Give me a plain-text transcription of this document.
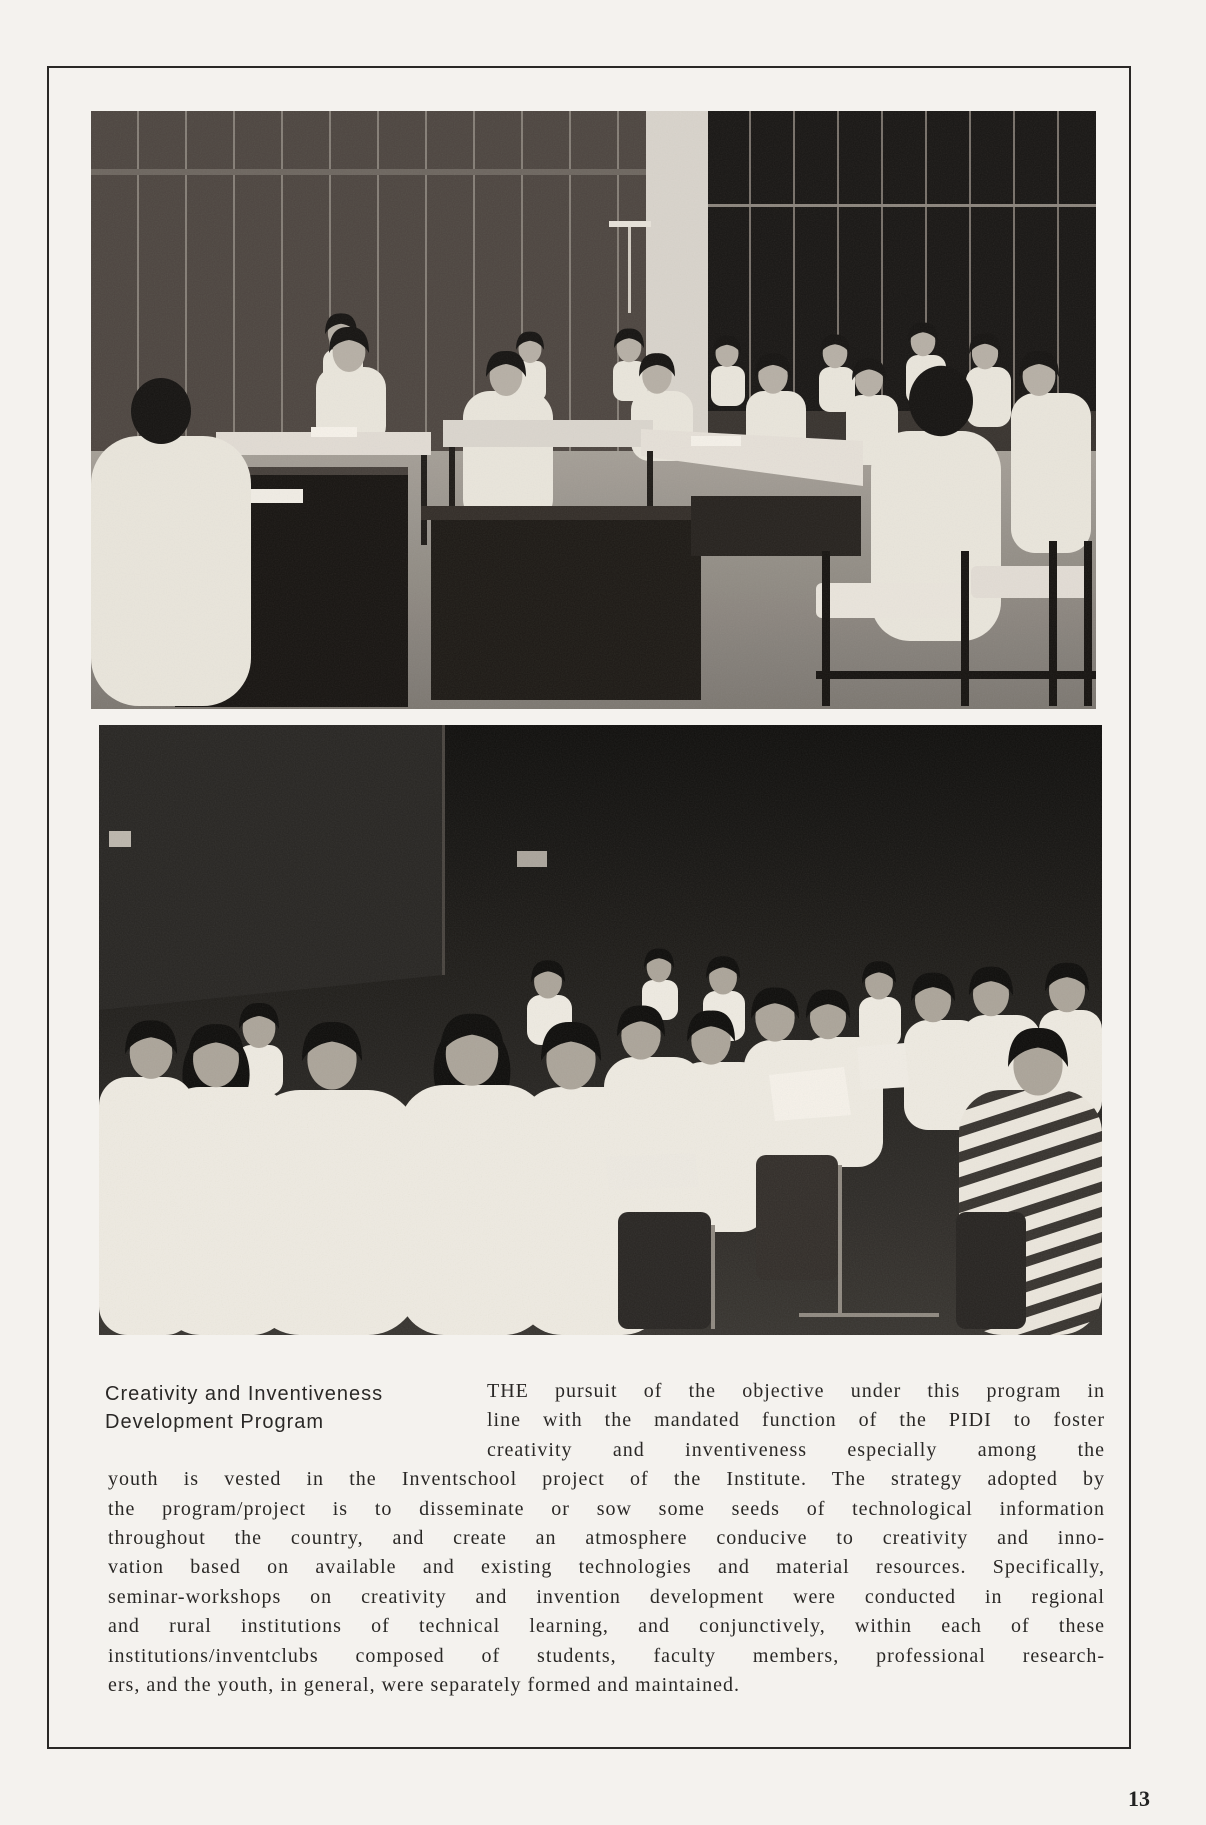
Creativity and Inventiveness
Development Program
THE pursuit of the objective under this program in
line with the mandated function of the PIDI to foster
creativity and inventiveness especially among the
youth is vested in the Inventschool project of the Institute. The strategy adopted by
the program/project is to disseminate or sow some seeds of technological information
throughout the country, and create an atmosphere conducive to creativity and inno-
vation based on available and existing technologies and material resources. Specifically,
seminar-workshops on creativity and invention development were conducted in regional
and rural institutions of technical learning, and conjunctively, within each of these
institutions/inventclubs composed of students, faculty members, professional research-
ers, and the youth, in general, were separately formed and maintained.
13
